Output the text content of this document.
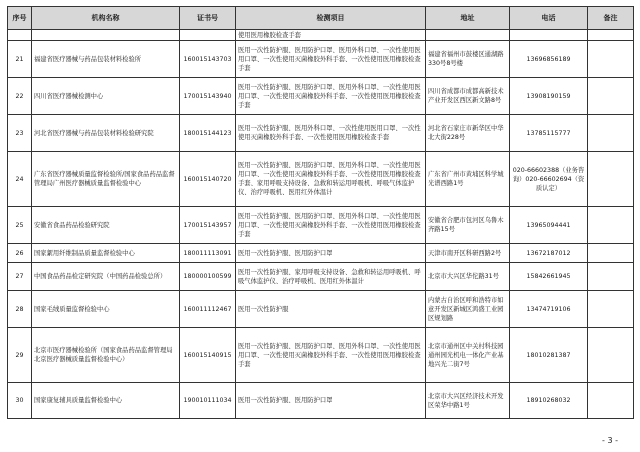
序号	机构名称	证书号	检测项目	地址	电话	备注
			使用医用橡胶检查手套			
21	福建省医疗器械与药品包装材料检验所	160015143703	医用一次性防护服、医用防护口罩、医用外科口罩、一次性使用医用口罩、一次性使用灭菌橡胶外科手套、一次性使用医用橡胶检查手套	福建省福州市鼓楼区通湖路330号8号楼	13696856189	
22	四川省医疗器械检测中心	170015143940	医用一次性防护服、医用防护口罩、医用外科口罩、一次性使用医用口罩、一次性使用灭菌橡胶外科手套、一次性使用医用橡胶检查手套	四川省成都市成都高新技术产业开发区西区新文路8号	13908190159	
23	河北省医疗器械与药品包装材料检验研究院	180015144123	医用一次性防护服、医用外科口罩、一次性使用医用口罩、一次性使用灭菌橡胶外科手套、一次性使用医用橡胶检查手套	河北省石家庄市新华区中华北大街228号	13785115777	
24	广东省医疗器械质量监督检验所/国家食品药品监督管理局广州医疗器械质量监督检验中心	160015140720	医用一次性防护服、医用防护口罩、医用外科口罩、一次性使用医用口罩、一次性使用灭菌橡胶外科手套、一次性使用医用橡胶检查手套、家用呼吸支持设备、急救和转运用呼吸机、呼吸气体监护仪、治疗呼吸机、医用红外体温计	广东省广州市黄埔区科学城光谱西路1号	020-66602388（业务咨询）020-66602694（资质认定）	
25	安徽省食品药品检验研究院	170015143957	医用一次性防护服、医用防护口罩、医用外科口罩、一次性使用医用口罩、一次性使用灭菌橡胶外科手套、一次性使用医用橡胶检查手套	安徽省合肥市包河区乌鲁木齐路15号	13965094441	
26	国家絮用纤维制品质量监督检验中心	180011113091	医用一次性防护服、医用防护口罩	天津市南开区科研西路2号	13672187012	
27	中国食品药品检定研究院（中国药品检验总所）	180000100599	医用一次性防护服、家用呼吸支持设备、急救和转运用呼吸机、呼吸气体监护仪、治疗呼吸机、医用红外体温计	北京市大兴区华佗路31号	15842661945	
28	国家毛绒质量监督检验中心	160011112467	医用一次性防护服	内蒙古自治区呼和浩特市如意开发区新城区鸿盛工业园区规划路	13474719106	
29	北京市医疗器械检验所（国家食品药品监督管理局北京医疗器械质量监督检验中心）	160015140915	医用一次性防护服、医用防护口罩、医用外科口罩、一次性使用医用口罩、一次性使用灭菌橡胶外科手套、一次性使用医用橡胶检查手套	北京市通州区中关村科技园通州园光机电一体化产业基地兴光二街7号	18010281387	
30	国家康复辅具质量监督检验中心	190010111034	医用一次性防护服、医用防护口罩	北京市大兴区经济技术开发区荣华中路1号	18910268032	
- 3 -
